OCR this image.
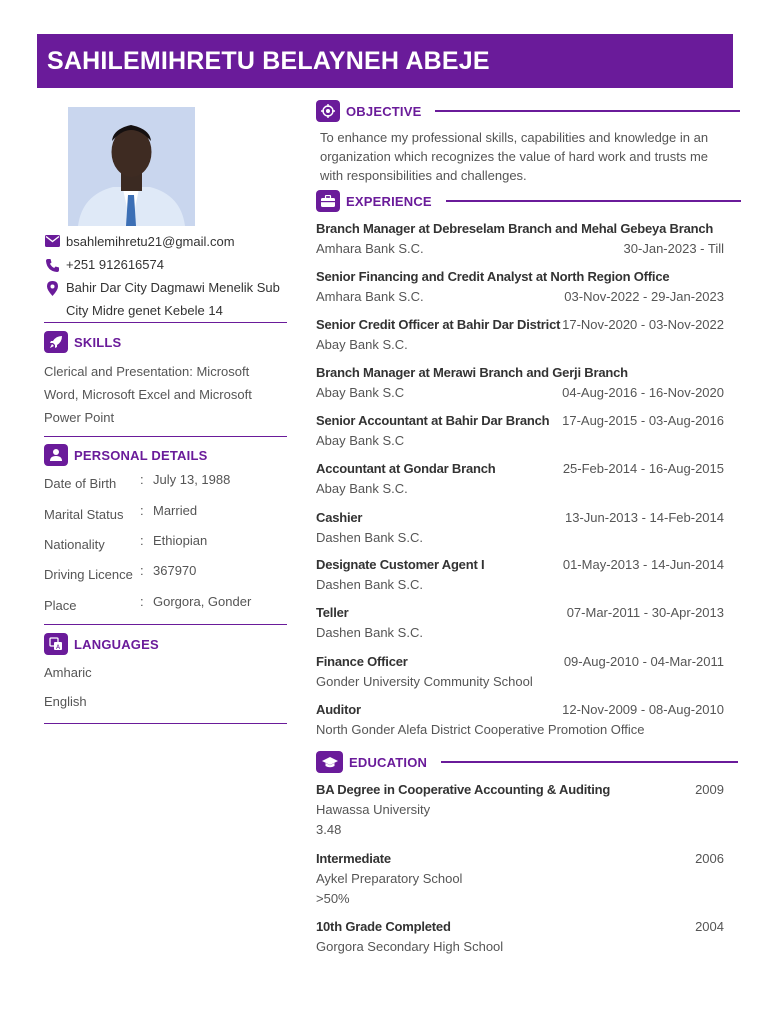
SAHILEMIHRETU BELAYNEH ABEJE
bsahlemihretu21@gmail.com
+251 912616574
Bahir Dar City Dagmawi Menelik Sub City Midre genet Kebele 14
SKILLS
Clerical and Presentation: Microsoft Word, Microsoft Excel and Microsoft Power Point
PERSONAL DETAILS
Date of Birth : July 13, 1988
Marital Status : Married
Nationality	: Ethiopian
Driving Licence : 367970
Place	: Gorgora, Gonder
A LANGUAGES
Amharic
English
OBJECTIVE
To enhance my professional skills, capabilities and knowledge in an organization which recognizes the value of hard work and trusts me with responsibilities and challenges.
EXPERIENCE
Branch Manager at Debreselam Branch and Mehal Gebeya Branch
Amhara Bank S.C.	30-Jan-2023 - Till
Senior Financing and Credit Analyst at North Region Office
Amhara Bank S.C.	03-Nov-2022 - 29-Jan-2023
Senior Credit Officer at Bahir Dar District 17-Nov-2020 - 03-Nov-2022
Abay Bank S.C.
Branch Manager at Merawi Branch and Gerji Branch
Abay Bank S.C	04-Aug-2016 - 16-Nov-2020
Senior Accountant at Bahir Dar Branch 17-Aug-2015 - 03-Aug-2016
Abay Bank S.C
Accountant at Gondar Branch	25-Feb-2014 - 16-Aug-2015
Abay Bank S.C.
Cashier	13-Jun-2013 - 14-Feb-2014
Dashen Bank S.C.
Designate Customer Agent I	01-May-2013 - 14-Jun-2014
Dashen Bank S.C.
Teller	07-Mar-2011 - 30-Apr-2013
Dashen Bank S.C.
Finance Officer	09-Aug-2010 - 04-Mar-2011
Gonder University Community School
Auditor	12-Nov-2009 - 08-Aug-2010
North Gonder Alefa District Cooperative Promotion Office
EDUCATION
BA Degree in Cooperative Accounting & Auditing	2009
Hawassa University
3.48
Intermediate	2006
Aykel Preparatory School
>50%
10th Grade Completed	2004
Gorgora Secondary High School
